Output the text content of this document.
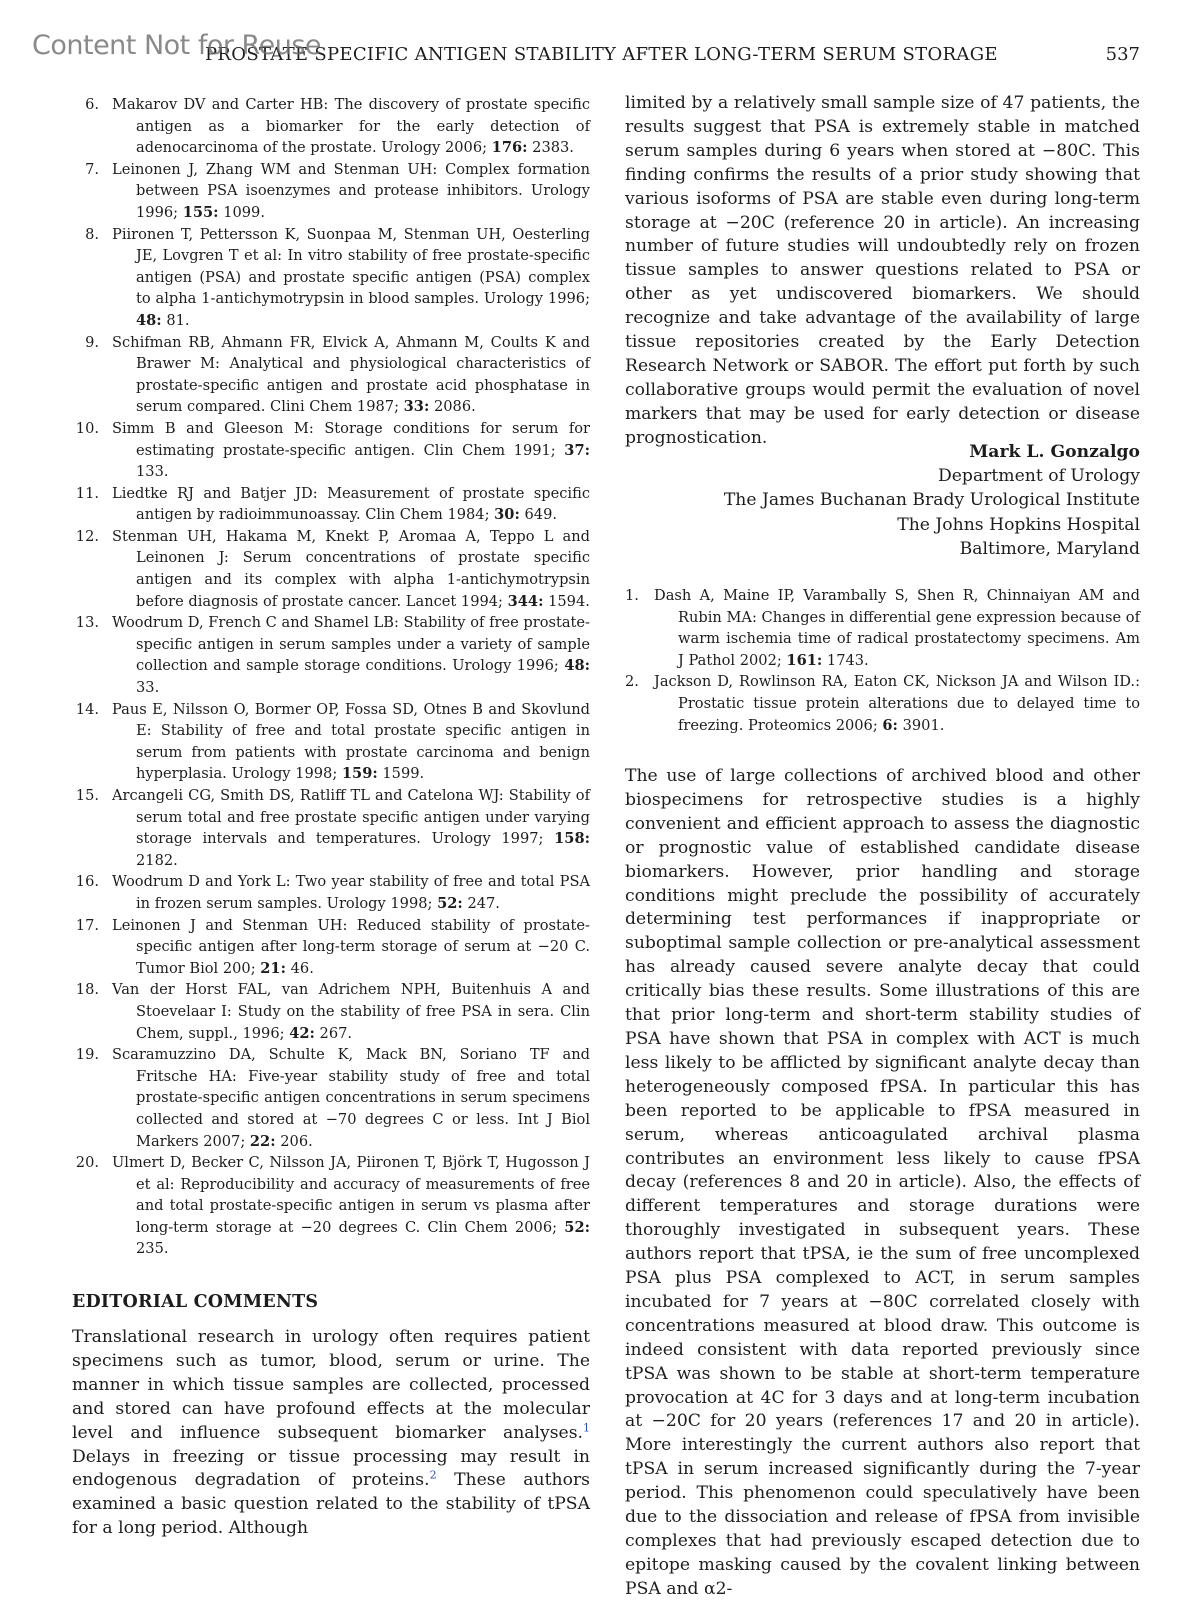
Content Not for Reuse
PROSTATE SPECIFIC ANTIGEN STABILITY AFTER LONG-TERM SERUM STORAGE	537
6. Makarov DV and Carter HB: The discovery of prostate specific antigen as a biomarker for the early detection of adenocarcinoma of the prostate. Urology 2006; 176: 2383.
7. Leinonen J, Zhang WM and Stenman UH: Complex formation between PSA isoenzymes and protease inhibitors. Urology 1996; 155: 1099.
8. Piironen T, Pettersson K, Suonpaa M, Stenman UH, Oesterling JE, Lovgren T et al: In vitro stability of free prostate-specific antigen (PSA) and prostate specific antigen (PSA) complex to alpha 1-antichymotrypsin in blood samples. Urology 1996; 48: 81.
9. Schifman RB, Ahmann FR, Elvick A, Ahmann M, Coults K and Brawer M: Analytical and physiological characteristics of prostate-specific antigen and prostate acid phosphatase in serum compared. Clini Chem 1987; 33: 2086.
10. Simm B and Gleeson M: Storage conditions for serum for estimating prostate-specific antigen. Clin Chem 1991; 37: 133.
11. Liedtke RJ and Batjer JD: Measurement of prostate specific antigen by radioimmunoassay. Clin Chem 1984; 30: 649.
12. Stenman UH, Hakama M, Knekt P, Aromaa A, Teppo L and Leinonen J: Serum concentrations of prostate specific antigen and its complex with alpha 1-antichymotrypsin before diagnosis of prostate cancer. Lancet 1994; 344: 1594.
13. Woodrum D, French C and Shamel LB: Stability of free prostate-specific antigen in serum samples under a variety of sample collection and sample storage conditions. Urology 1996; 48: 33.
14. Paus E, Nilsson O, Bormer OP, Fossa SD, Otnes B and Skovlund E: Stability of free and total prostate specific antigen in serum from patients with prostate carcinoma and benign hyperplasia. Urology 1998; 159: 1599.
15. Arcangeli CG, Smith DS, Ratliff TL and Catelona WJ: Stability of serum total and free prostate specific antigen under varying storage intervals and temperatures. Urology 1997; 158: 2182.
16. Woodrum D and York L: Two year stability of free and total PSA in frozen serum samples. Urology 1998; 52: 247.
17. Leinonen J and Stenman UH: Reduced stability of prostate-specific antigen after long-term storage of serum at −20 C. Tumor Biol 200; 21: 46.
18. Van der Horst FAL, van Adrichem NPH, Buitenhuis A and Stoevelaar I: Study on the stability of free PSA in sera. Clin Chem, suppl., 1996; 42: 267.
19. Scaramuzzino DA, Schulte K, Mack BN, Soriano TF and Fritsche HA: Five-year stability study of free and total prostate-specific antigen concentrations in serum specimens collected and stored at −70 degrees C or less. Int J Biol Markers 2007; 22: 206.
20. Ulmert D, Becker C, Nilsson JA, Piironen T, Björk T, Hugosson J et al: Reproducibility and accuracy of measurements of free and total prostate-specific antigen in serum vs plasma after long-term storage at −20 degrees C. Clin Chem 2006; 52: 235.
EDITORIAL COMMENTS

Translational research in urology often requires patient specimens such as tumor, blood, serum or urine. The manner in which tissue samples are collected, processed and stored can have profound effects at the molecular level and influence subsequent biomarker analyses.$^1$ Delays in freezing or tissue processing may result in endogenous degradation of proteins.$^2$ These authors examined a basic question related to the stability of tPSA for a long period. Although

limited by a relatively small sample size of 47 patients, the results suggest that PSA is extremely stable in matched serum samples during 6 years when stored at −80C. This finding confirms the results of a prior study showing that various isoforms of PSA are stable even during long-term storage at −20C (reference 20 in article). An increasing number of future studies will undoubtedly rely on frozen tissue samples to answer questions related to PSA or other as yet undiscovered biomarkers. We should recognize and take advantage of the availability of large tissue repositories created by the Early Detection Research Network or SABOR. The effort put forth by such collaborative groups would permit the evaluation of novel markers that may be used for early detection or disease prognostication.

Mark L. Gonzalgo
Department of Urology
The James Buchanan Brady Urological Institute
The Johns Hopkins Hospital
Baltimore, Maryland
1. Dash A, Maine IP, Varambally S, Shen R, Chinnaiyan AM and Rubin MA: Changes in differential gene expression because of warm ischemia time of radical prostatectomy specimens. Am J Pathol 2002; 161: 1743.
2. Jackson D, Rowlinson RA, Eaton CK, Nickson JA and Wilson ID.: Prostatic tissue protein alterations due to delayed time to freezing. Proteomics 2006; 6: 3901.

The use of large collections of archived blood and other biospecimens for retrospective studies is a highly convenient and efficient approach to assess the diagnostic or prognostic value of established candidate disease biomarkers. However, prior handling and storage conditions might preclude the possibility of accurately determining test performances if inappropriate or suboptimal sample collection or pre-analytical assessment has already caused severe analyte decay that could critically bias these results. Some illustrations of this are that prior long-term and short-term stability studies of PSA have shown that PSA in complex with ACT is much less likely to be afflicted by significant analyte decay than heterogeneously composed fPSA. In particular this has been reported to be applicable to fPSA measured in serum, whereas anticoagulated archival plasma contributes an environment less likely to cause fPSA decay (references 8 and 20 in article). Also, the effects of different temperatures and storage durations were thoroughly investigated in subsequent years. These authors report that tPSA, ie the sum of free uncomplexed PSA plus PSA complexed to ACT, in serum samples incubated for 7 years at −80C correlated closely with concentrations measured at blood draw. This outcome is indeed consistent with data reported previously since tPSA was shown to be stable at short-term temperature provocation at 4C for 3 days and at long-term incubation at −20C for 20 years (references 17 and 20 in article). More interestingly the current authors also report that tPSA in serum increased significantly during the 7-year period. This phenomenon could speculatively have been due to the dissociation and release of fPSA from invisible complexes that had previously escaped detection due to epitope masking caused by the covalent linking between PSA and α2-
